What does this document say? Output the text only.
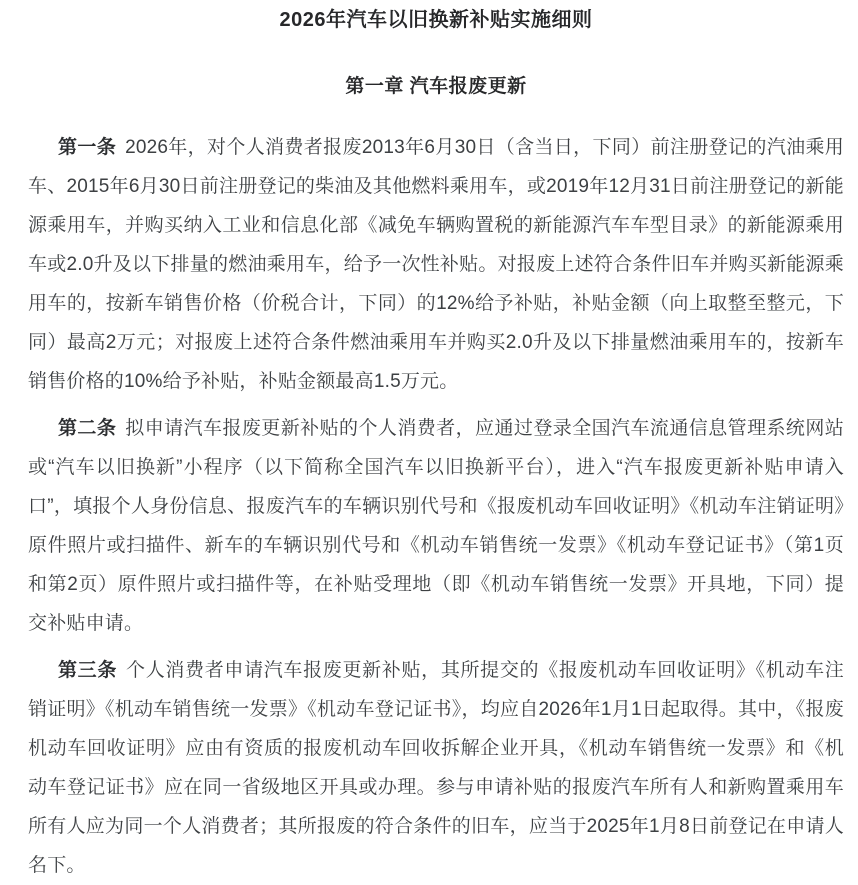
2026年汽车以旧换新补贴实施细则
第一章 汽车报废更新

第一条 2026年，对个人消费者报废2013年6月30日（含当日，下同）前注册登记的汽油乘用车、2015年6月30日前注册登记的柴油及其他燃料乘用车，或2019年12月31日前注册登记的新能源乘用车，并购买纳入工业和信息化部《减免车辆购置税的新能源汽车车型目录》的新能源乘用车或2.0升及以下排量的燃油乘用车，给予一次性补贴。对报废上述符合条件旧车并购买新能源乘用车的，按新车销售价格（价税合计，下同）的12%给予补贴，补贴金额（向上取整至整元，下同）最高2万元；对报废上述符合条件燃油乘用车并购买2.0升及以下排量燃油乘用车的，按新车销售价格的10%给予补贴，补贴金额最高1.5万元。

第二条 拟申请汽车报废更新补贴的个人消费者，应通过登录全国汽车流通信息管理系统网站或“汽车以旧换新”小程序（以下简称全国汽车以旧换新平台），进入“汽车报废更新补贴申请入口”，填报个人身份信息、报废汽车的车辆识别代号和《报废机动车回收证明》《机动车注销证明》原件照片或扫描件、新车的车辆识别代号和《机动车销售统一发票》《机动车登记证书》（第1页和第2页）原件照片或扫描件等，在补贴受理地（即《机动车销售统一发票》开具地，下同）提交补贴申请。

第三条 个人消费者申请汽车报废更新补贴，其所提交的《报废机动车回收证明》《机动车注销证明》《机动车销售统一发票》《机动车登记证书》，均应自2026年1月1日起取得。其中，《报废机动车回收证明》应由有资质的报废机动车回收拆解企业开具，《机动车销售统一发票》和《机动车登记证书》应在同一省级地区开具或办理。参与申请补贴的报废汽车所有人和新购置乘用车所有人应为同一个人消费者；其所报废的符合条件的旧车，应当于2025年1月8日前登记在申请人名下。
